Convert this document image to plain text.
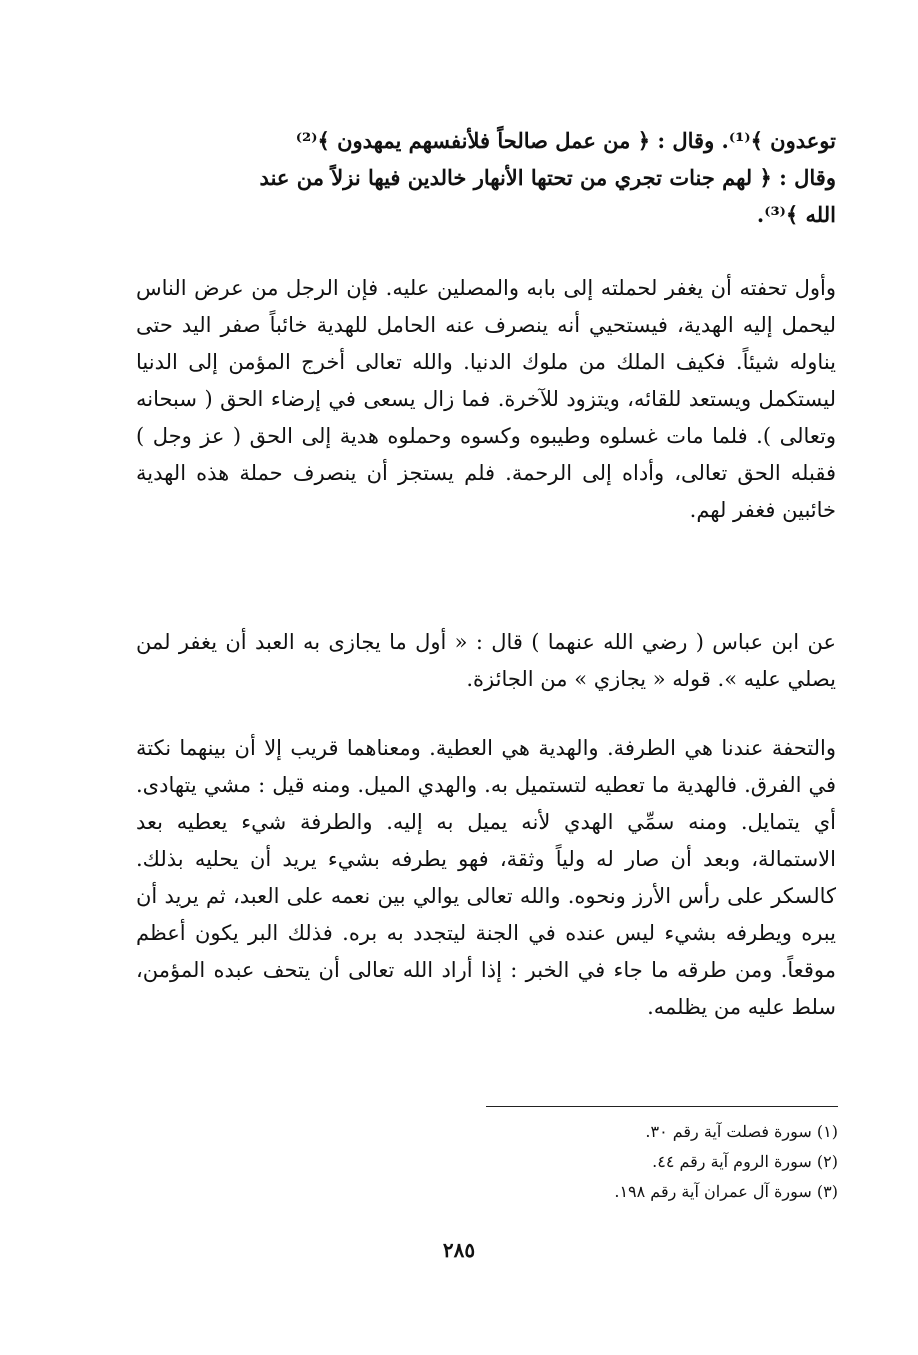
توعدون ﴾⁽¹⁾. وقال : ﴿ من عمل صالحاً فلأنفسهم يمهدون ﴾⁽²⁾

وقال : ﴿ لهم جنات تجري من تحتها الأنهار خالدين فيها نزلاً من عند

الله ﴾⁽³⁾.

وأول تحفته أن يغفر لحملته إلى بابه والمصلين عليه. فإن الرجل من عرض الناس ليحمل إليه الهدية، فيستحيي أنه ينصرف عنه الحامل للهدية خائباً صفر اليد حتى يناوله شيئاً. فكيف الملك من ملوك الدنيا. والله تعالى أخرج المؤمن إلى الدنيا ليستكمل ويستعد للقائه، ويتزود للآخرة. فما زال يسعى في إرضاء الحق ( سبحانه وتعالى ). فلما مات غسلوه وطيبوه وكسوه وحملوه هدية إلى الحق ( عز وجل ) فقبله الحق تعالى، وأداه إلى الرحمة. فلم يستجز أن ينصرف حملة هذه الهدية خائبين فغفر لهم.

عن ابن عباس ( رضي الله عنهما ) قال : « أول ما يجازى به العبد أن يغفر لمن يصلي عليه ». قوله « يجازي » من الجائزة.

والتحفة عندنا هي الطرفة. والهدية هي العطية. ومعناهما قريب إلا أن بينهما نكتة في الفرق. فالهدية ما تعطيه لتستميل به. والهدي الميل. ومنه قيل : مشي يتهادى. أي يتمايل. ومنه سمِّي الهدي لأنه يميل به إليه. والطرفة شيء يعطيه بعد الاستمالة، وبعد أن صار له ولياً وثقة، فهو يطرفه بشيء يريد أن يحليه بذلك. كالسكر على رأس الأرز ونحوه. والله تعالى يوالي بين نعمه على العبد، ثم يريد أن يبره ويطرفه بشيء ليس عنده في الجنة ليتجدد به بره. فذلك البر يكون أعظم موقعاً. ومن طرقه ما جاء في الخبر : إذا أراد الله تعالى أن يتحف عبده المؤمن، سلط عليه من يظلمه.

(١) سورة فصلت آية رقم ٣٠.

(٢) سورة الروم آية رقم ٤٤.

(٣) سورة آل عمران آية رقم ١٩٨.

٢٨٥
